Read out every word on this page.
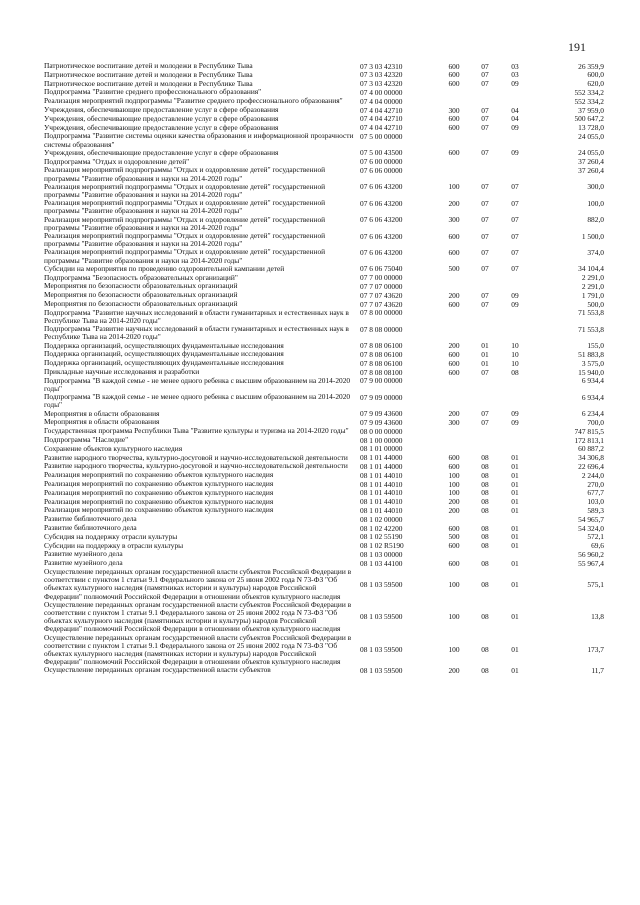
191
Патриотическое воспитание детей и молодежи в Республике Тыва	07 3 03 42310	600	07	03	26 359,9
Патриотическое воспитание детей и молодежи в Республике Тыва	07 3 03 42320	600	07	03	600,0
Патриотическое воспитание детей и молодежи в Республике Тыва	07 3 03 42320	600	07	09	620,0
Подпрограмма "Развитие среднего профессионального образования"	07 4 00 00000				552 334,2
Реализация мероприятий подпрограммы "Развитие среднего профессионального образования"	07 4 04 00000				552 334,2
Учреждения, обеспечивающие предоставление услуг в сфере образования	07 4 04 42710	300	07	04	37 959,0
Учреждения, обеспечивающие предоставление услуг в сфере образования	07 4 04 42710	600	07	04	500 647,2
Учреждения, обеспечивающие предоставление услуг в сфере образования	07 4 04 42710	600	07	09	13 728,0
Подпрограмма "Развитие системы оценки качества образования и информационной прозрачности системы образования"	07 5 00 00000				24 055,0
Учреждения, обеспечивающие предоставление услуг в сфере образования	07 5 00 43500	600	07	09	24 055,0
Подпрограмма "Отдых и оздоровление детей"	07 6 00 00000				37 260,4
Реализация мероприятий подпрограммы "Отдых и оздоровление детей" государственной программы "Развитие образования и науки на 2014-2020 годы"	07 6 06 00000				37 260,4
Реализация мероприятий подпрограммы "Отдых и оздоровление детей" государственной программы "Развитие образования и науки на 2014-2020 годы"	07 6 06 43200	100	07	07	300,0
Реализация мероприятий подпрограммы "Отдых и оздоровление детей" государственной программы "Развитие образования и науки на 2014-2020 годы"	07 6 06 43200	200	07	07	100,0
Реализация мероприятий подпрограммы "Отдых и оздоровление детей" государственной программы "Развитие образования и науки на 2014-2020 годы"	07 6 06 43200	300	07	07	882,0
Реализация мероприятий подпрограммы "Отдых и оздоровление детей" государственной программы "Развитие образования и науки на 2014-2020 годы"	07 6 06 43200	600	07	07	1 500,0
Реализация мероприятий подпрограммы "Отдых и оздоровление детей" государственной программы "Развитие образования и науки на 2014-2020 годы"	07 6 06 43200	600	07	07	374,0
Субсидии на мероприятия по проведению оздоровительной кампании детей	07 6 06 75040	500	07	07	34 104,4
Подпрограмма "Безопасность образовательных организаций"	07 7 00 00000				2 291,0
Мероприятия по безопасности образовательных организаций	07 7 07 00000				2 291,0
Мероприятия по безопасности образовательных организаций	07 7 07 43620	200	07	09	1 791,0
Мероприятия по безопасности образовательных организаций	07 7 07 43620	600	07	09	500,0
Подпрограмма "Развитие научных исследований в области гуманитарных и естественных наук в Республике Тыва на 2014-2020 годы"	07 8 00 00000				71 553,8
Подпрограмма "Развитие научных исследований в области гуманитарных и естественных наук в Республике Тыва на 2014-2020 годы"	07 8 08 00000				71 553,8
Поддержка организаций, осуществляющих фундаментальные исследования	07 8 08 06100	200	01	10	155,0
Поддержка организаций, осуществляющих фундаментальные исследования	07 8 08 06100	600	01	10	51 883,8
Поддержка организаций, осуществляющих фундаментальные исследования	07 8 08 06100	600	01	10	3 575,0
Прикладные научные исследования и разработки	07 8 08 08100	600	07	08	15 940,0
Подпрограмма "В каждой семье - не менее одного ребенка с высшим образованием на 2014-2020 годы"	07 9 00 00000				6 934,4
Подпрограмма "В каждой семье - не менее одного ребенка с высшим образованием на 2014-2020 годы"	07 9 09 00000				6 934,4
Мероприятия в области образования	07 9 09 43600	200	07	09	6 234,4
Мероприятия в области образования	07 9 09 43600	300	07	09	700,0
Государственная программа Республики Тыва "Развитие культуры и туризма на 2014-2020 годы"	08 0 00 00000				747 815,5
Подпрограмма "Наследие"	08 1 00 00000				172 813,1
Сохранение объектов культурного наследия	08 1 01 00000				60 887,2
Развитие народного творчества, культурно-досуговой и научно-исследовательской деятельности	08 1 01 44000	600	08	01	34 306,8
Развитие народного творчества, культурно-досуговой и научно-исследовательской деятельности	08 1 01 44000	600	08	01	22 696,4
Реализация мероприятий по сохранению объектов культурного наследия	08 1 01 44010	100	08	01	2 244,0
Реализация мероприятий по сохранению объектов культурного наследия	08 1 01 44010	100	08	01	270,0
Реализация мероприятий по сохранению объектов культурного наследия	08 1 01 44010	100	08	01	677,7
Реализация мероприятий по сохранению объектов культурного наследия	08 1 01 44010	200	08	01	103,0
Реализация мероприятий по сохранению объектов культурного наследия	08 1 01 44010	200	08	01	589,3
Развитие библиотечного дела	08 1 02 00000				54 965,7
Развитие библиотечного дела	08 1 02 42200	600	08	01	54 324,0
Субсидия на поддержку отрасли культуры	08 1 02 55190	500	08	01	572,1
Субсидии на поддержку в отрасли культуры	08 1 02 R5190	600	08	01	69,6
Развитие музейного дела	08 1 03 00000				56 960,2
Развитие музейного дела	08 1 03 44100	600	08	01	55 967,4
Осуществление переданных органам государственной власти субъектов Российской Федерации в соответствии с пунктом 1 статьи 9.1 Федерального закона от 25 июня 2002 года N 73-ФЗ "Об объектах культурного наследия (памятниках истории и культуры) народов Российской Федерации" полномочий Российской Федерации в отношении объектов культурного наследия	08 1 03 59500	100	08	01	575,1
Осуществление переданных органам государственной власти субъектов Российской Федерации в соответствии с пунктом 1 статьи 9.1 Федерального закона от 25 июня 2002 года N 73-ФЗ "Об объектах культурного наследия (памятниках истории и культуры) народов Российской Федерации" полномочий Российской Федерации в отношении объектов культурного наследия	08 1 03 59500	100	08	01	13,8
Осуществление переданных органам государственной власти субъектов Российской Федерации в соответствии с пунктом 1 статьи 9.1 Федерального закона от 25 июня 2002 года N 73-ФЗ "Об объектах культурного наследия (памятниках истории и культуры) народов Российской Федерации" полномочий Российской Федерации в отношении объектов культурного наследия	08 1 03 59500	100	08	01	173,7
Осуществление переданных органам государственной власти субъектов	08 1 03 59500	200	08	01	11,7
